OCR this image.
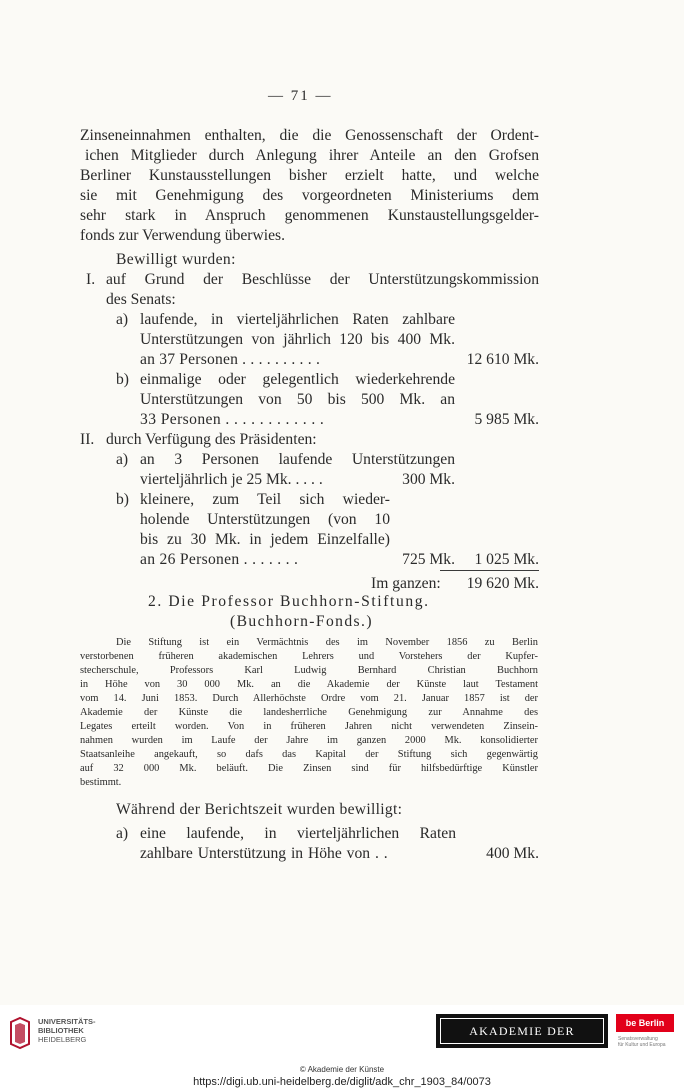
— 71 —
Zinseneinnahmen enthalten, die die Genossenschaft der Ordent-
ichen Mitglieder durch Anlegung ihrer Anteile an den Grofsen
Berliner Kunstausstellungen bisher erzielt hatte, und welche
sie mit Genehmigung des vorgeordneten Ministeriums dem
sehr stark in Anspruch genommenen Kunstaustellungsgelder-
fonds zur Verwendung überwies.
Bewilligt wurden:
I. auf Grund der Beschlüsse der Unterstützungskommission
des Senats:
a) laufende, in vierteljährlichen Raten zahlbare
Unterstützungen von jährlich 120 bis 400 Mk.
an 37 Personen . . . . . . . . . .	12 610 Mk.
b) einmalige oder gelegentlich wiederkehrende
Unterstützungen von 50 bis 500 Mk. an
33 Personen . . . . . . . . . . . .	5 985 Mk.
II. durch Verfügung des Präsidenten:
a) an 3 Personen laufende Unterstützungen
vierteljährlich je 25 Mk. . . . .	300 Mk.
b) kleinere, zum Teil sich wieder-
holende Unterstützungen (von 10
bis zu 30 Mk. in jedem Einzelfalle)
an 26 Personen . . . . . . .	725 Mk.	1 025 Mk.
Im ganzen:	19 620 Mk.
2. Die Professor Buchhorn-Stiftung.
(Buchhorn-Fonds.)
Die Stiftung ist ein Vermächtnis des im November 1856 zu Berlin
verstorbenen früheren akademischen Lehrers und Vorstehers der Kupfer-
stecherschule, Professors Karl Ludwig Bernhard Christian Buchhorn
in Höhe von 30 000 Mk. an die Akademie der Künste laut Testament
vom 14. Juni 1853. Durch Allerhöchste Ordre vom 21. Januar 1857 ist der
Akademie der Künste die landesherrliche Genehmigung zur Annahme des
Legates erteilt worden. Von in früheren Jahren nicht verwendeten Zinsein-
nahmen wurden im Laufe der Jahre im ganzen 2000 Mk. konsolidierter
Staatsanleihe angekauft, so dafs das Kapital der Stiftung sich gegenwärtig
auf 32 000 Mk. beläuft. Die Zinsen sind für hilfsbedürftige Künstler
bestimmt.
Während der Berichtszeit wurden bewilligt:
a) eine laufende, in vierteljährlichen Raten
zahlbare Unterstützung in Höhe von . .	400 Mk.
UNIVERSITÄTS-
BIBLIOTHEK
HEIDELBERG
AKADEMIE DER KÜNSTE
be Berlin
Senatsverwaltung
für Kultur und Europa
© Akademie der Künste
https://digi.ub.uni-heidelberg.de/diglit/adk_chr_1903_84/0073
